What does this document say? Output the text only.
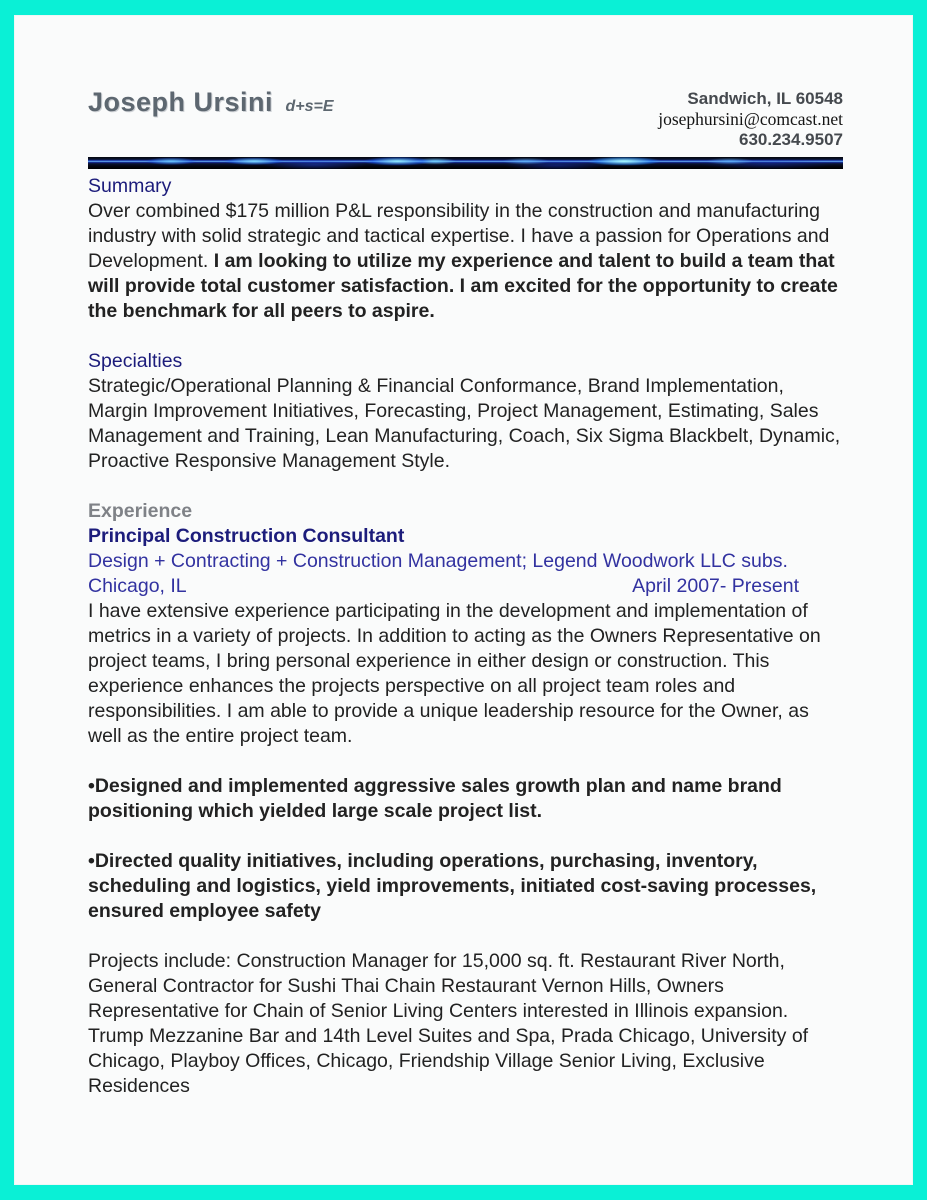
Joseph Ursini d+s=E	Sandwich, IL 60548
josephursini@comcast.net
630.234.9507
Summary

Over combined $175 million P&L responsibility in the construction and manufacturing industry with solid strategic and tactical expertise. I have a passion for Operations and Development. I am looking to utilize my experience and talent to build a team that will provide total customer satisfaction. I am excited for the opportunity to create the benchmark for all peers to aspire.

Specialties

Strategic/Operational Planning & Financial Conformance, Brand Implementation,  Margin Improvement Initiatives, Forecasting, Project Management, Estimating, Sales Management and Training, Lean Manufacturing, Coach, Six Sigma Blackbelt, Dynamic, Proactive Responsive Management Style.

Experience
Principal Construction Consultant
Design + Contracting + Construction Management; Legend Woodwork LLC subs.
Chicago, IL	April 2007- Present

I have extensive experience participating in the development and implementation of metrics in a variety of projects. In addition to acting as the Owners Representative on project teams, I bring personal experience in either design or construction. This experience enhances the projects perspective on all project team roles and responsibilities. I am able to provide a unique leadership resource for the Owner, as well as the entire project team.

•Designed and implemented aggressive sales growth plan and name brand positioning which yielded large scale project list.

•Directed quality initiatives, including operations, purchasing, inventory, scheduling and logistics, yield improvements, initiated cost-saving processes, ensured employee safety

Projects include: Construction Manager for 15,000 sq. ft. Restaurant River North, General Contractor for Sushi Thai Chain Restaurant Vernon Hills, Owners Representative for Chain of Senior Living Centers interested in Illinois expansion. Trump Mezzanine Bar and 14th Level Suites and Spa, Prada Chicago, University of Chicago, Playboy Offices, Chicago, Friendship Village Senior Living, Exclusive Residences
